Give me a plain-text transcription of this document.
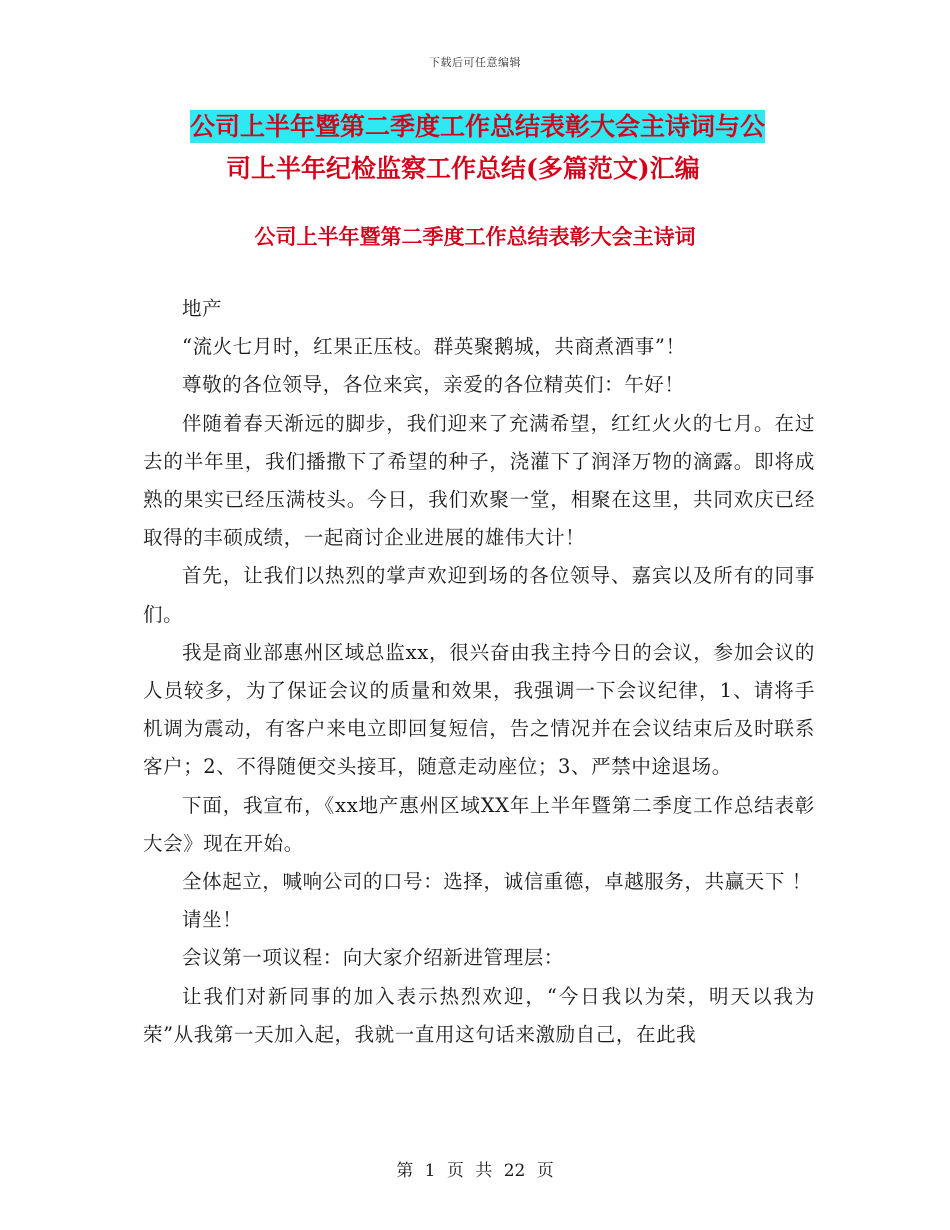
下载后可任意编辑
公司上半年暨第二季度工作总结表彰大会主诗词与公
司上半年纪检监察工作总结(多篇范文)汇编
公司上半年暨第二季度工作总结表彰大会主诗词

地产

“流火七月时，红果正压枝。群英聚鹅城，共商煮酒事”！

尊敬的各位领导，各位来宾，亲爱的各位精英们：午好！

伴随着春天渐远的脚步，我们迎来了充满希望，红红火火的七月。在过去的半年里，我们播撒下了希望的种子，浇灌下了润泽万物的滴露。即将成熟的果实已经压满枝头。今日，我们欢聚一堂，相聚在这里，共同欢庆已经取得的丰硕成绩，一起商讨企业进展的雄伟大计！

首先，让我们以热烈的掌声欢迎到场的各位领导、嘉宾以及所有的同事们。

我是商业部惠州区域总监xx，很兴奋由我主持今日的会议，参加会议的人员较多，为了保证会议的质量和效果，我强调一下会议纪律，1、请将手机调为震动，有客户来电立即回复短信，告之情况并在会议结束后及时联系客户；2、不得随便交头接耳，随意走动座位；3、严禁中途退场。

下面，我宣布，《xx地产惠州区域XX年上半年暨第二季度工作总结表彰大会》现在开始。

全体起立，喊响公司的口号：选择，诚信重德，卓越服务，共赢天下 ！

请坐！

会议第一项议程：向大家介绍新进管理层：

让我们对新同事的加入表示热烈欢迎，“今日我以为荣，明天以我为荣”从我第一天加入起，我就一直用这句话来激励自己，在此我

第 1 页 共 22 页
